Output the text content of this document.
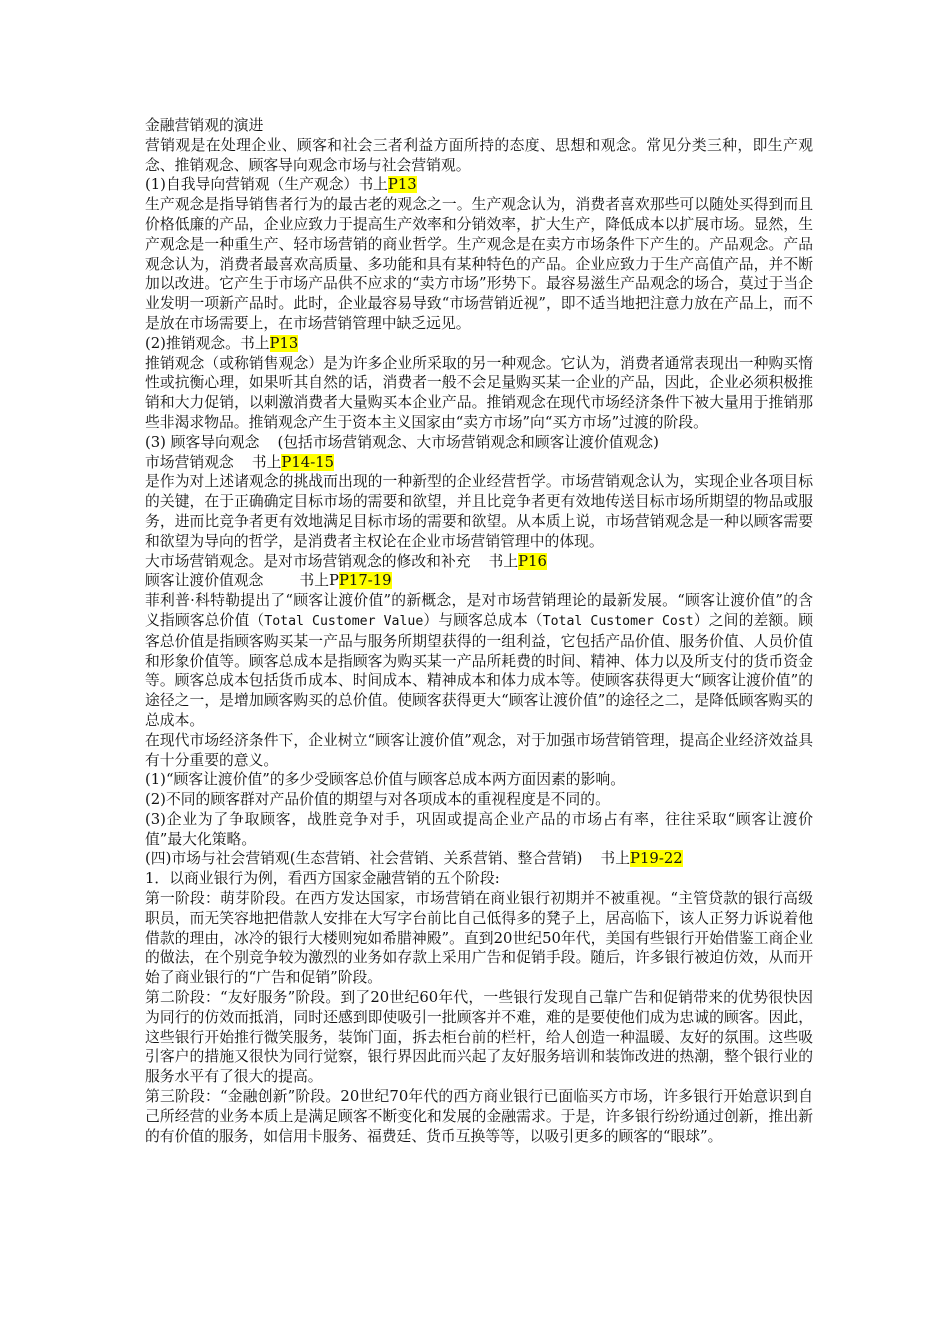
金融营销观的演进
营销观是在处理企业、顾客和社会三者利益方面所持的态度、思想和观念。常见分类三种，即生产观念、推销观念、顾客导向观念市场与社会营销观。
(1)自我导向营销观（生产观念）书上P13
生产观念是指导销售者行为的最古老的观念之一。生产观念认为，消费者喜欢那些可以随处买得到而且价格低廉的产品，企业应致力于提高生产效率和分销效率，扩大生产，降低成本以扩展市场。显然，生产观念是一种重生产、轻市场营销的商业哲学。生产观念是在卖方市场条件下产生的。产品观念。产品观念认为，消费者最喜欢高质量、多功能和具有某种特色的产品。企业应致力于生产高值产品，并不断加以改进。它产生于市场产品供不应求的“卖方市场”形势下。最容易滋生产品观念的场合，莫过于当企业发明一项新产品时。此时，企业最容易导致“市场营销近视”，即不适当地把注意力放在产品上，而不是放在市场需要上，在市场营销管理中缺乏远见。
(2)推销观念。书上P13
推销观念（或称销售观念）是为许多企业所采取的另一种观念。它认为，消费者通常表现出一种购买惰性或抗衡心理，如果听其自然的话，消费者一般不会足量购买某一企业的产品，因此，企业必须积极推销和大力促销，以刺激消费者大量购买本企业产品。推销观念在现代市场经济条件下被大量用于推销那些非渴求物品。推销观念产生于资本主义国家由“卖方市场”向“买方市场”过渡的阶段。
(3) 顾客导向观念 (包括市场营销观念、大市场营销观念和顾客让渡价值观念)
市场营销观念 书上P14-15
是作为对上述诸观念的挑战而出现的一种新型的企业经营哲学。市场营销观念认为，实现企业各项目标的关键，在于正确确定目标市场的需要和欲望，并且比竞争者更有效地传送目标市场所期望的物品或服务，进而比竞争者更有效地满足目标市场的需要和欲望。从本质上说，市场营销观念是一种以顾客需要和欲望为导向的哲学，是消费者主权论在企业市场营销管理中的体现。
大市场营销观念。是对市场营销观念的修改和补充 书上P16
顾客让渡价值观念 书上PP17-19
菲利普·科特勒提出了“顾客让渡价值”的新概念，是对市场营销理论的最新发展。“顾客让渡价值”的含义指顾客总价值（Total Customer Value）与顾客总成本（Total Customer Cost）之间的差额。顾客总价值是指顾客购买某一产品与服务所期望获得的一组利益，它包括产品价值、服务价值、人员价值和形象价值等。顾客总成本是指顾客为购买某一产品所耗费的时间、精神、体力以及所支付的货币资金等。顾客总成本包括货币成本、时间成本、精神成本和体力成本等。使顾客获得更大“顾客让渡价值”的途径之一，是增加顾客购买的总价值。使顾客获得更大“顾客让渡价值”的途径之二，是降低顾客购买的总成本。
在现代市场经济条件下，企业树立“顾客让渡价值”观念，对于加强市场营销管理，提高企业经济效益具有十分重要的意义。
(1)“顾客让渡价值”的多少受顾客总价值与顾客总成本两方面因素的影响。
(2)不同的顾客群对产品价值的期望与对各项成本的重视程度是不同的。
(3)企业为了争取顾客，战胜竞争对手，巩固或提高企业产品的市场占有率，往往采取“顾客让渡价值”最大化策略。
(四)市场与社会营销观(生态营销、社会营销、关系营销、整合营销) 书上P19-22
1．以商业银行为例，看西方国家金融营销的五个阶段:
第一阶段：萌芽阶段。在西方发达国家，市场营销在商业银行初期并不被重视。“主管贷款的银行高级职员，而无笑容地把借款人安排在大写字台前比自己低得多的凳子上，居高临下，该人正努力诉说着他借款的理由，冰冷的银行大楼则宛如希腊神殿”。直到20世纪50年代，美国有些银行开始借鉴工商企业的做法，在个别竞争较为激烈的业务如存款上采用广告和促销手段。随后，许多银行被迫仿效，从而开始了商业银行的“广告和促销”阶段。
第二阶段：“友好服务”阶段。到了20世纪60年代，一些银行发现自己靠广告和促销带来的优势很快因为同行的仿效而抵消，同时还感到即使吸引一批顾客并不难，难的是要使他们成为忠诚的顾客。因此，这些银行开始推行微笑服务，装饰门面，拆去柜台前的栏杆，给人创造一种温暖、友好的氛围。这些吸引客户的措施又很快为同行觉察，银行界因此而兴起了友好服务培训和装饰改进的热潮，整个银行业的服务水平有了很大的提高。
第三阶段：“金融创新”阶段。20世纪70年代的西方商业银行已面临买方市场，许多银行开始意识到自己所经营的业务本质上是满足顾客不断变化和发展的金融需求。于是，许多银行纷纷通过创新，推出新的有价值的服务，如信用卡服务、福费廷、货币互换等等，以吸引更多的顾客的“眼球”。
